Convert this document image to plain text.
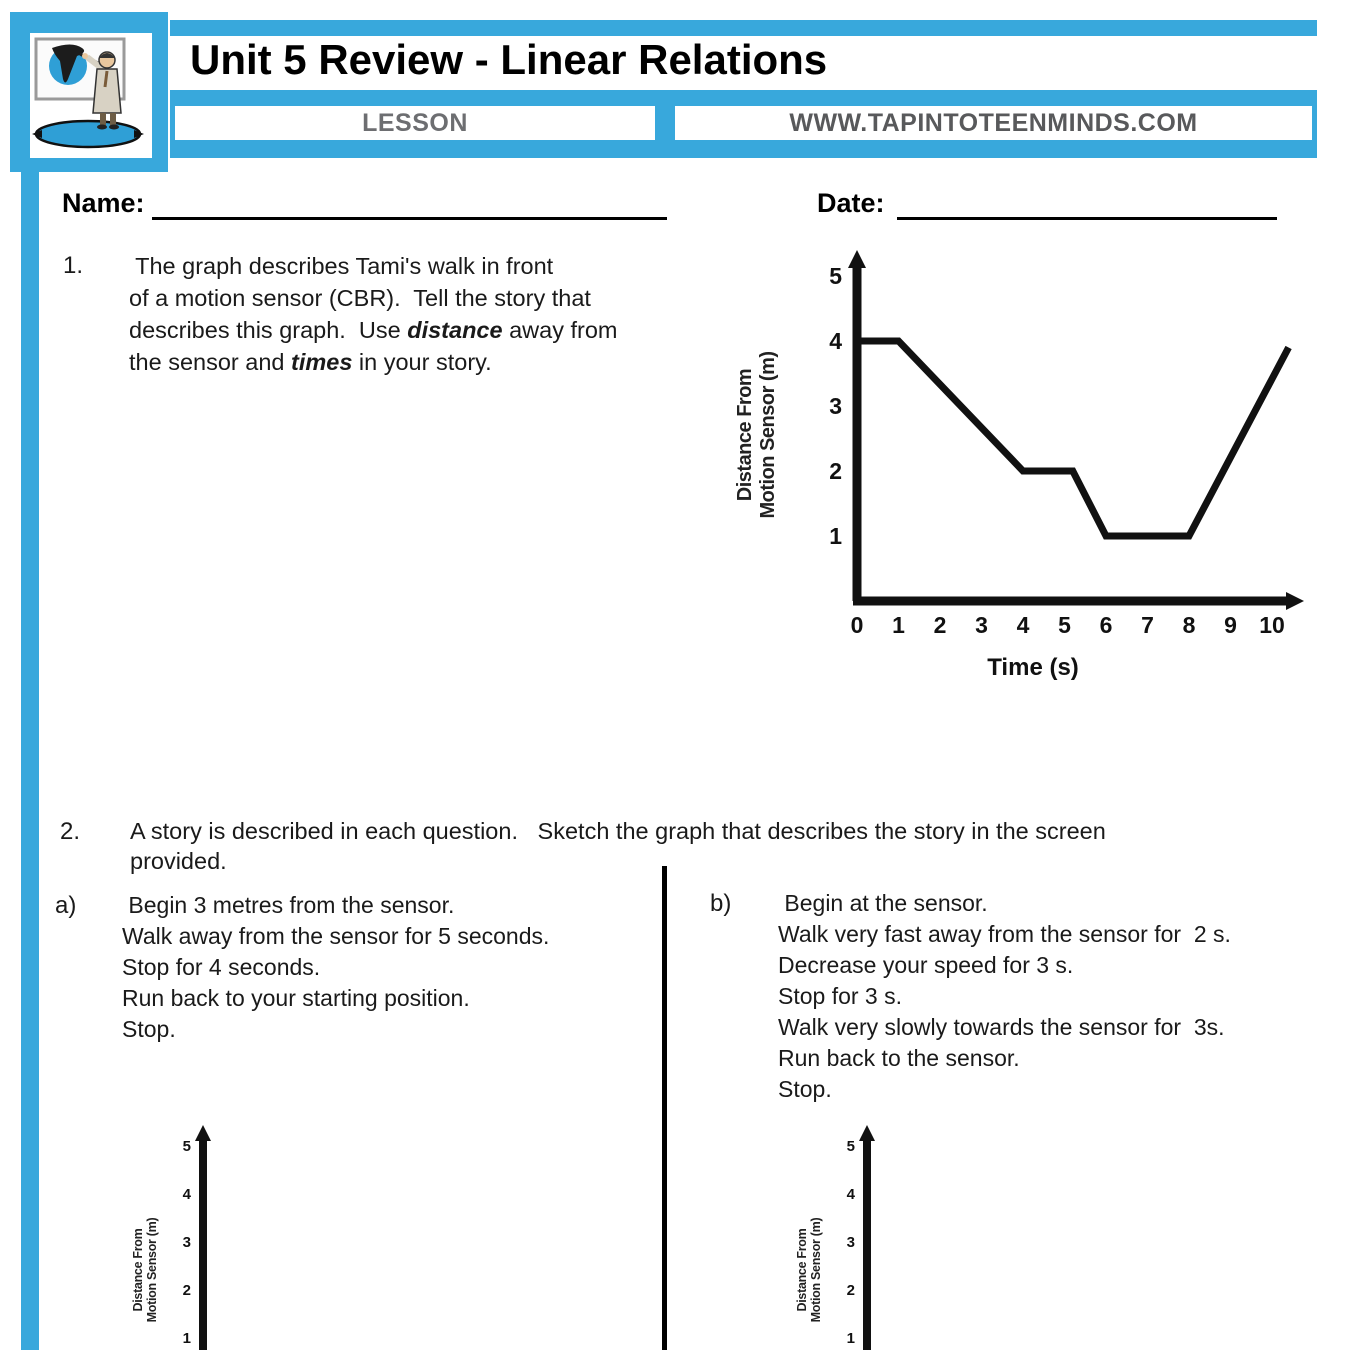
Unit 5 Review - Linear Relations
LESSON	WWW.TAPINTOTEENMINDS.COM
Name:	Date:
1. The graph describes Tami's walk in front
of a motion sensor (CBR).  Tell the story that
describes this graph.  Use distance away from
the sensor and times in your story.
5
4
3
2
1
0 1 2 3 4 5 6 7 8 9 10
Time (s)
Distance FromMotion Sensor (m)
2. A story is described in each question.   Sketch the graph that describes the story in the screen
provided.
a) Begin 3 metres from the sensor.
Walk away from the sensor for 5 seconds.
Stop for 4 seconds.
Run back to your starting position.
Stop.
b) Begin at the sensor.
Walk very fast away from the sensor for  2 s.
Decrease your speed for 3 s.
Stop for 3 s.
Walk very slowly towards the sensor for  3s.
Run back to the sensor.
Stop.
5
4
3
2
1
Distance FromMotion Sensor (m)
5
4
3
2
1
Distance FromMotion Sensor (m)
